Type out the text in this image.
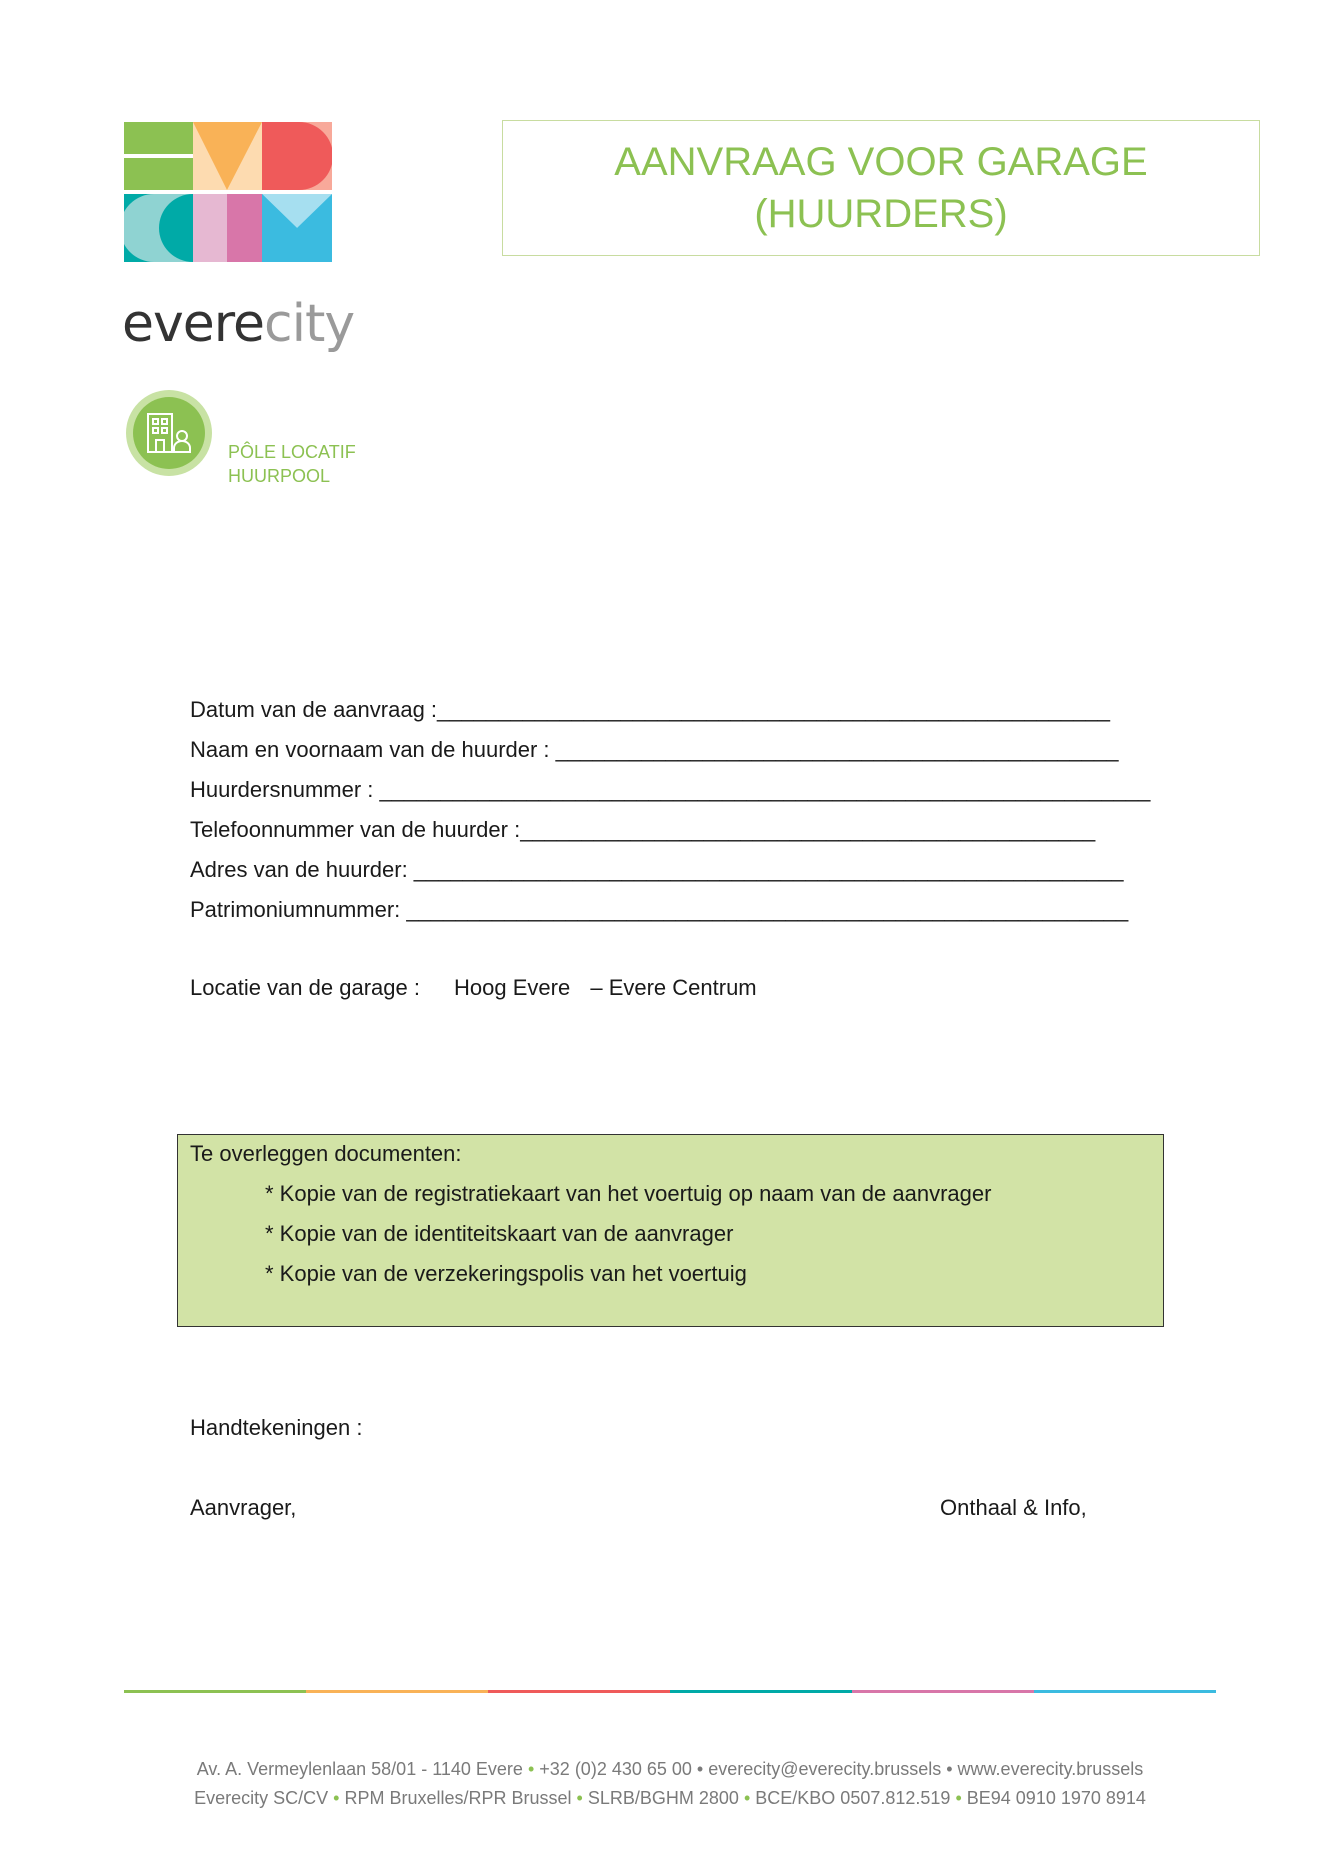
everecity
PÔLE LOCATIF
HUURPOOL
AANVRAAG VOOR GARAGE
(HUURDERS)
Datum van de aanvraag :_______________________________________________________
Naam en voornaam van de huurder : ______________________________________________
Huurdersnummer : _______________________________________________________________
Telefoonnummer van de huurder :_______________________________________________
Adres van de huurder: __________________________________________________________
Patrimoniumnummer: ___________________________________________________________
Locatie van de garage : Hoog Evere – Evere Centrum
Te overleggen documenten:
* Kopie van de registratiekaart van het voertuig op naam van de aanvrager
* Kopie van de identiteitskaart van de aanvrager
* Kopie van de verzekeringspolis van het voertuig
Handtekeningen :
Aanvrager,	Onthaal & Info,
Av. A. Vermeylenlaan 58/01 - 1140 Evere • +32 (0)2 430 65 00 • everecity@everecity.brussels • www.everecity.brussels
Everecity SC/CV • RPM Bruxelles/RPR Brussel • SLRB/BGHM 2800 • BCE/KBO 0507.812.519 • BE94 0910 1970 8914
